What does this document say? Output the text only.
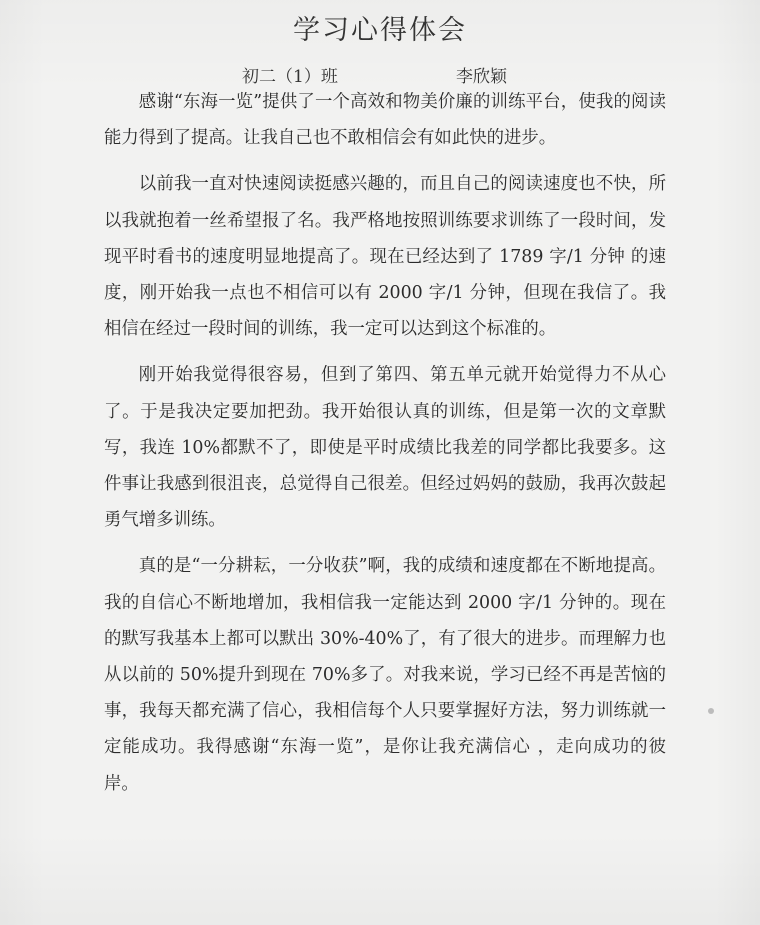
学习心得体会
初二（1）班	李欣颖

感谢“东海一览”提供了一个高效和物美价廉的训练平台，使我的阅读能力得到了提高。让我自己也不敢相信会有如此快的进步。

以前我一直对快速阅读挺感兴趣的，而且自己的阅读速度也不快，所以我就抱着一丝希望报了名。我严格地按照训练要求训练了一段时间，发现平时看书的速度明显地提高了。现在已经达到了 1789 字/1 分钟 的速度，刚开始我一点也不相信可以有 2000 字/1 分钟，但现在我信了。我相信在经过一段时间的训练，我一定可以达到这个标准的。

刚开始我觉得很容易，但到了第四、第五单元就开始觉得力不从心了。于是我决定要加把劲。我开始很认真的训练，但是第一次的文章默写，我连 10%都默不了，即使是平时成绩比我差的同学都比我要多。这件事让我感到很沮丧，总觉得自己很差。但经过妈妈的鼓励，我再次鼓起勇气增多训练。

真的是“一分耕耘，一分收获”啊，我的成绩和速度都在不断地提高。我的自信心不断地增加，我相信我一定能达到 2000 字/1 分钟的。现在的默写我基本上都可以默出 30%-40%了，有了很大的进步。而理解力也从以前的 50%提升到现在 70%多了。对我来说，学习已经不再是苦恼的事，我每天都充满了信心，我相信每个人只要掌握好方法，努力训练就一定能成功。我得感谢“东海一览”，是你让我充满信心 ，走向成功的彼岸。
